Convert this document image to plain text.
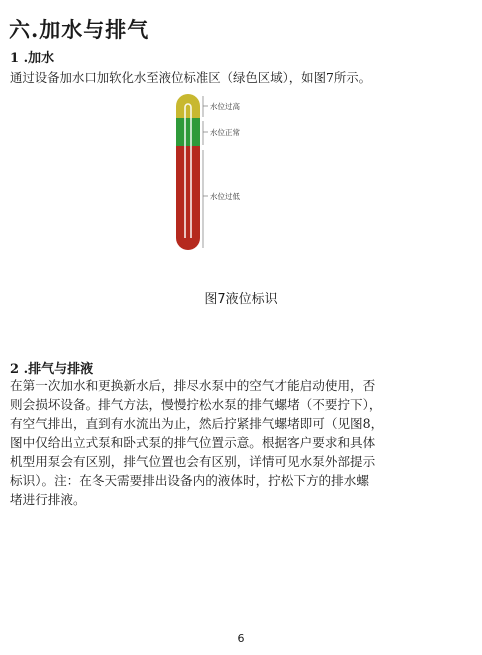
六.加水与排气
1 .加水

通过设备加水口加软化水至液位标准区（绿色区域），如图7所示。

水位过高
水位正常
水位过低
图7液位标识
2 .排气与排液
在第一次加水和更换新水后，排尽水泵中的空气才能启动使用，否
则会损坏设备。排气方法，慢慢拧松水泵的排气螺堵（不要拧下），
有空气排出，直到有水流出为止，然后拧紧排气螺堵即可（见图8，
图中仅给出立式泵和卧式泵的排气位置示意。根据客户要求和具体
机型用泵会有区别，排气位置也会有区别，详情可见水泵外部提示
标识）。注：在冬天需要排出设备内的液体时，拧松下方的排水螺
堵进行排液。
6
